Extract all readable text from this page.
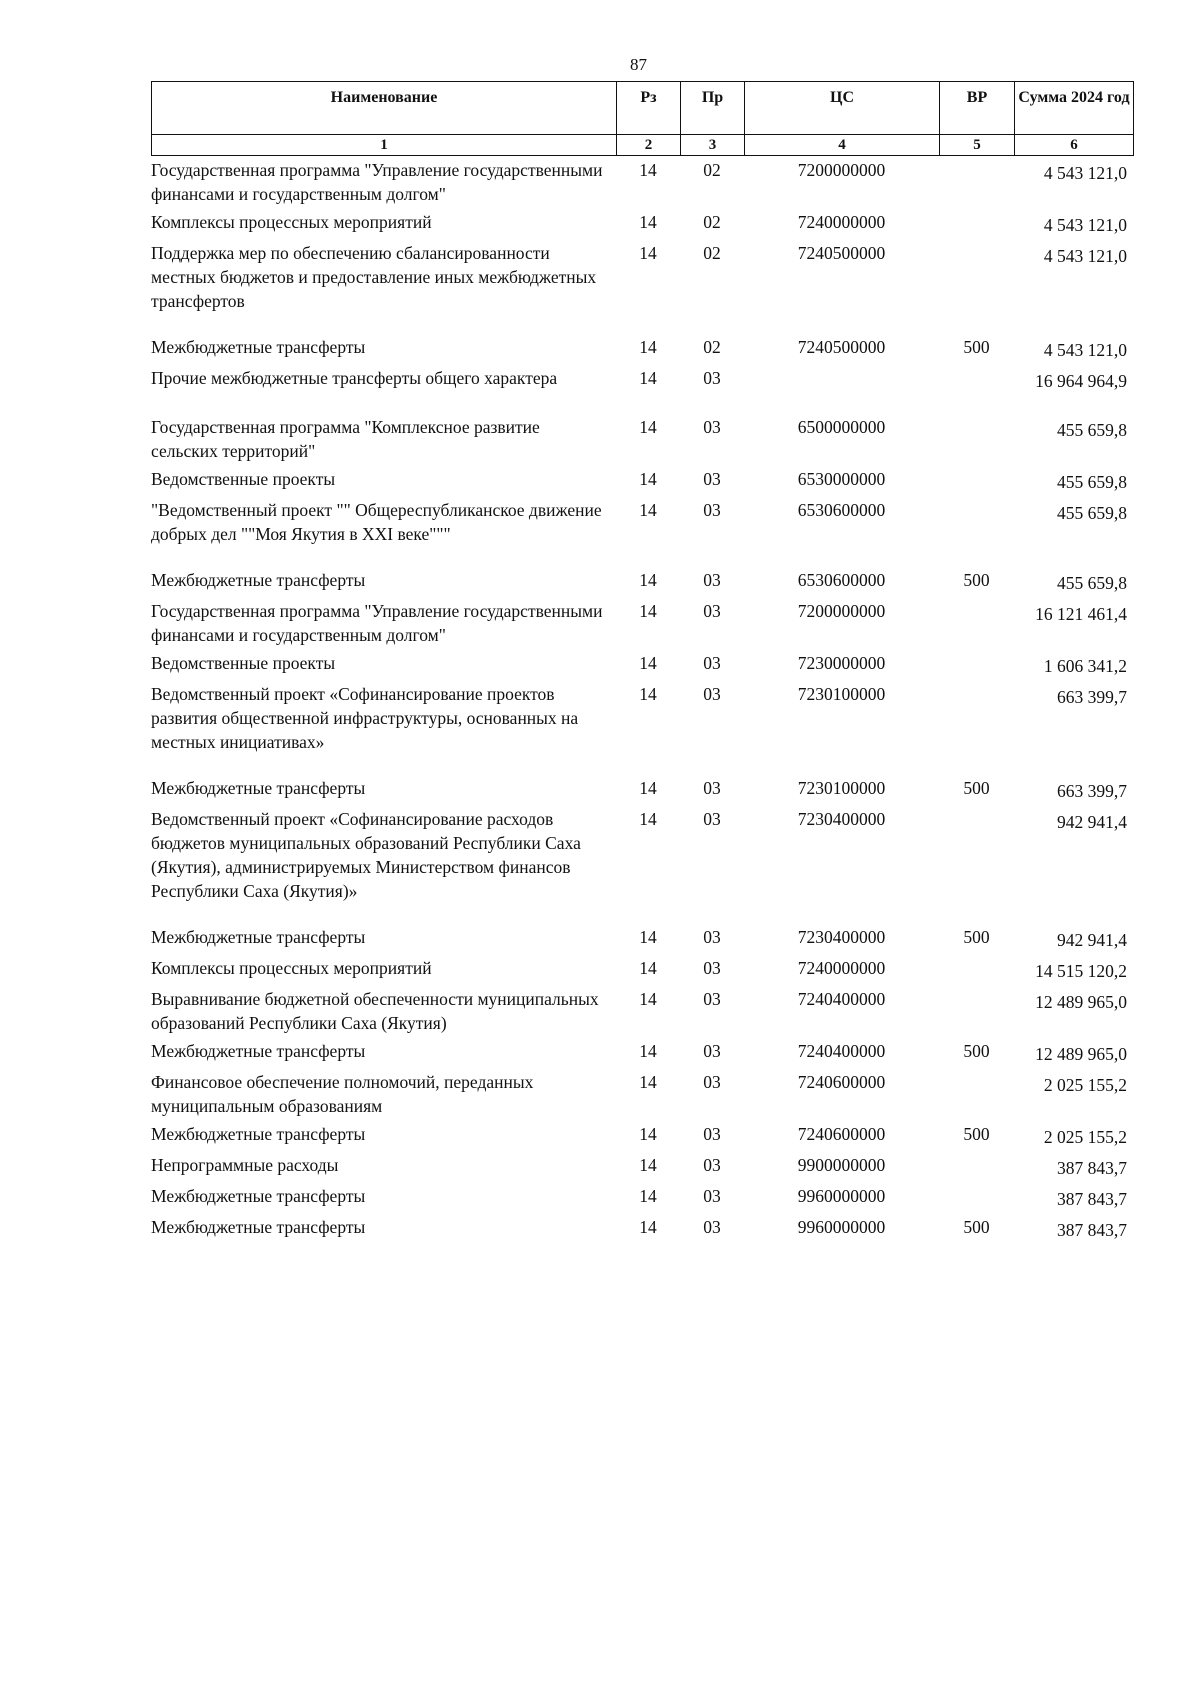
87
Наименование	Рз	Пр	ЦС	ВР	Сумма 2024 год
1	2	3	4	5	6
Государственная программа "Управление государственными финансами и государственным долгом"	14	02	7200000000		4 543 121,0
Комплексы процессных мероприятий	14	02	7240000000		4 543 121,0
Поддержка мер по обеспечению сбалансированности местных бюджетов и предоставление иных межбюджетных трансфертов	14	02	7240500000		4 543 121,0
Межбюджетные трансферты	14	02	7240500000	500	4 543 121,0
Прочие межбюджетные трансферты общего характера	14	03			16 964 964,9
Государственная программа "Комплексное развитие сельских территорий"	14	03	6500000000		455 659,8
Ведомственные проекты	14	03	6530000000		455 659,8
"Ведомственный проект "" Общереспубликанское движение добрых дел ""Моя Якутия в XXI веке"""	14	03	6530600000		455 659,8
Межбюджетные трансферты	14	03	6530600000	500	455 659,8
Государственная программа "Управление государственными финансами и государственным долгом"	14	03	7200000000		16 121 461,4
Ведомственные проекты	14	03	7230000000		1 606 341,2
Ведомственный проект «Софинансирование проектов развития общественной инфраструктуры, основанных на местных инициативах»	14	03	7230100000		663 399,7
Межбюджетные трансферты	14	03	7230100000	500	663 399,7
Ведомственный проект «Софинансирование расходов бюджетов муниципальных образований Республики Саха (Якутия), администрируемых Министерством финансов Республики Саха (Якутия)»	14	03	7230400000		942 941,4
Межбюджетные трансферты	14	03	7230400000	500	942 941,4
Комплексы процессных мероприятий	14	03	7240000000		14 515 120,2
Выравнивание бюджетной обеспеченности муниципальных образований Республики Саха (Якутия)	14	03	7240400000		12 489 965,0
Межбюджетные трансферты	14	03	7240400000	500	12 489 965,0
Финансовое обеспечение полномочий, переданных муниципальным образованиям	14	03	7240600000		2 025 155,2
Межбюджетные трансферты	14	03	7240600000	500	2 025 155,2
Непрограммные расходы	14	03	9900000000		387 843,7
Межбюджетные трансферты	14	03	9960000000		387 843,7
Межбюджетные трансферты	14	03	9960000000	500	387 843,7
